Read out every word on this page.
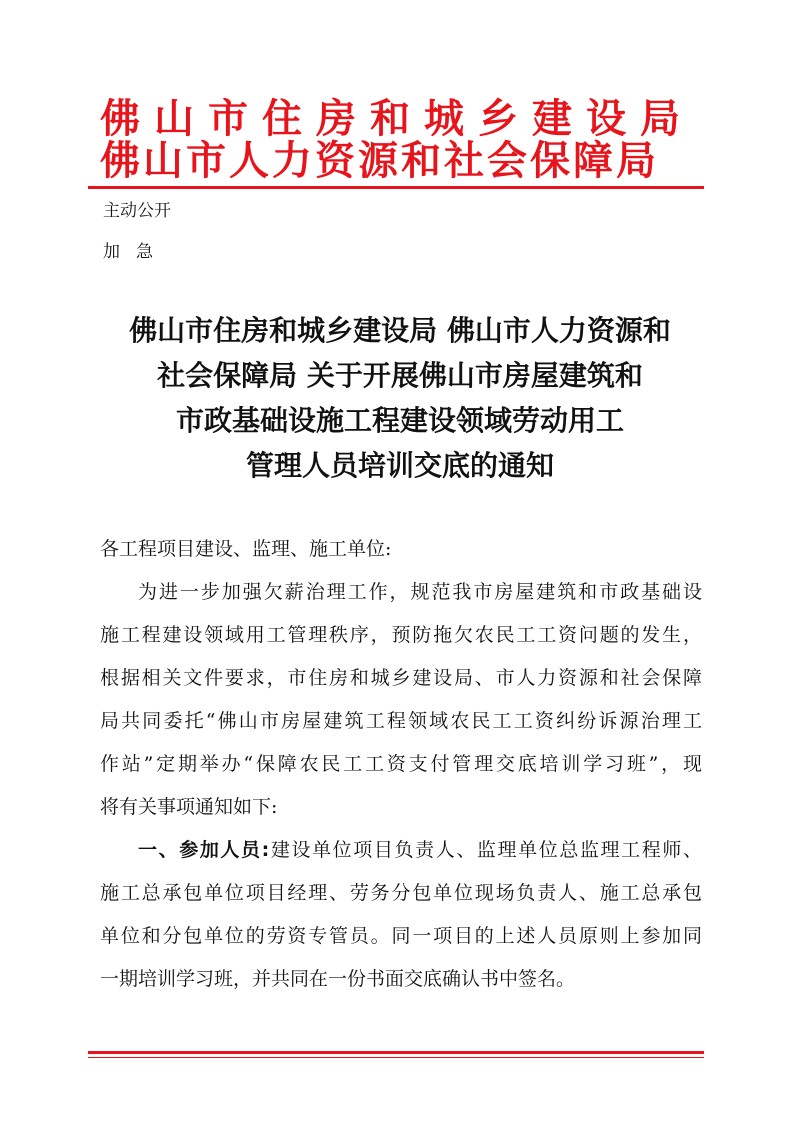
佛山市住房和城乡建设局
佛山市人力资源和社会保障局
主动公开
加急
佛山市住房和城乡建设局 佛山市人力资源和
社会保障局 关于开展佛山市房屋建筑和
市政基础设施工程建设领域劳动用工
管理人员培训交底的通知
各工程项目建设、监理、施工单位:
为进一步加强欠薪治理工作，规范我市房屋建筑和市政基础设
施工程建设领域用工管理秩序，预防拖欠农民工工资问题的发生，
根据相关文件要求，市住房和城乡建设局、市人力资源和社会保障
局共同委托“佛山市房屋建筑工程领域农民工工资纠纷诉源治理工
作站”定期举办“保障农民工工资支付管理交底培训学习班”，现
将有关事项通知如下:
一、参加人员:建设单位项目负责人、监理单位总监理工程师、
施工总承包单位项目经理、劳务分包单位现场负责人、施工总承包
单位和分包单位的劳资专管员。同一项目的上述人员原则上参加同
一期培训学习班，并共同在一份书面交底确认书中签名。
